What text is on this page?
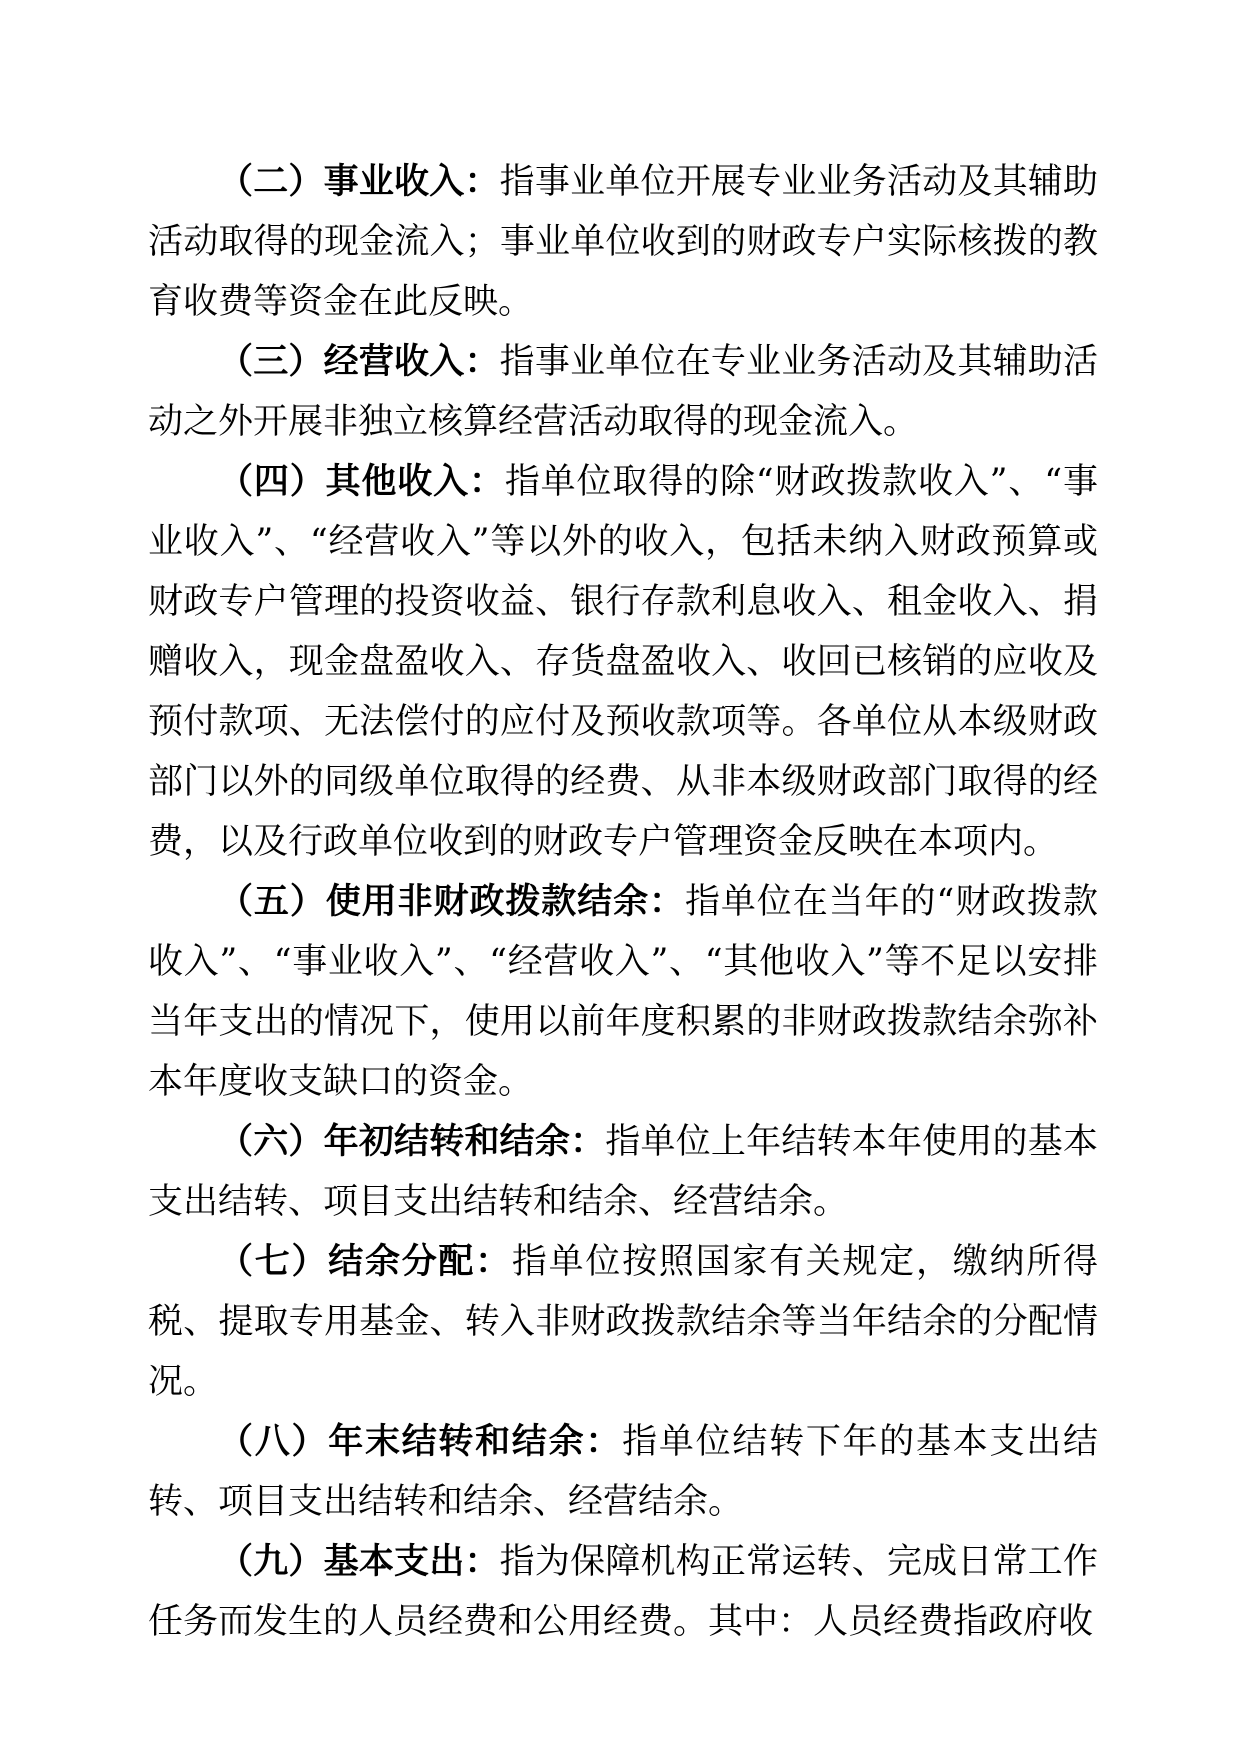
（二）事业收入：指事业单位开展专业业务活动及其辅助活动取得的现金流入；事业单位收到的财政专户实际核拨的教育收费等资金在此反映。

（三）经营收入：指事业单位在专业业务活动及其辅助活动之外开展非独立核算经营活动取得的现金流入。

（四）其他收入：指单位取得的除“财政拨款收入”、“事业收入”、“经营收入”等以外的收入，包括未纳入财政预算或财政专户管理的投资收益、银行存款利息收入、租金收入、捐赠收入，现金盘盈收入、存货盘盈收入、收回已核销的应收及预付款项、无法偿付的应付及预收款项等。各单位从本级财政部门以外的同级单位取得的经费、从非本级财政部门取得的经费，以及行政单位收到的财政专户管理资金反映在本项内。

（五）使用非财政拨款结余：指单位在当年的“财政拨款收入”、“事业收入”、“经营收入”、“其他收入”等不足以安排当年支出的情况下，使用以前年度积累的非财政拨款结余弥补本年度收支缺口的资金。

（六）年初结转和结余：指单位上年结转本年使用的基本支出结转、项目支出结转和结余、经营结余。

（七）结余分配：指单位按照国家有关规定，缴纳所得税、提取专用基金、转入非财政拨款结余等当年结余的分配情况。

（八）年末结转和结余：指单位结转下年的基本支出结转、项目支出结转和结余、经营结余。

（九）基本支出：指为保障机构正常运转、完成日常工作任务而发生的人员经费和公用经费。其中：人员经费指政府收
